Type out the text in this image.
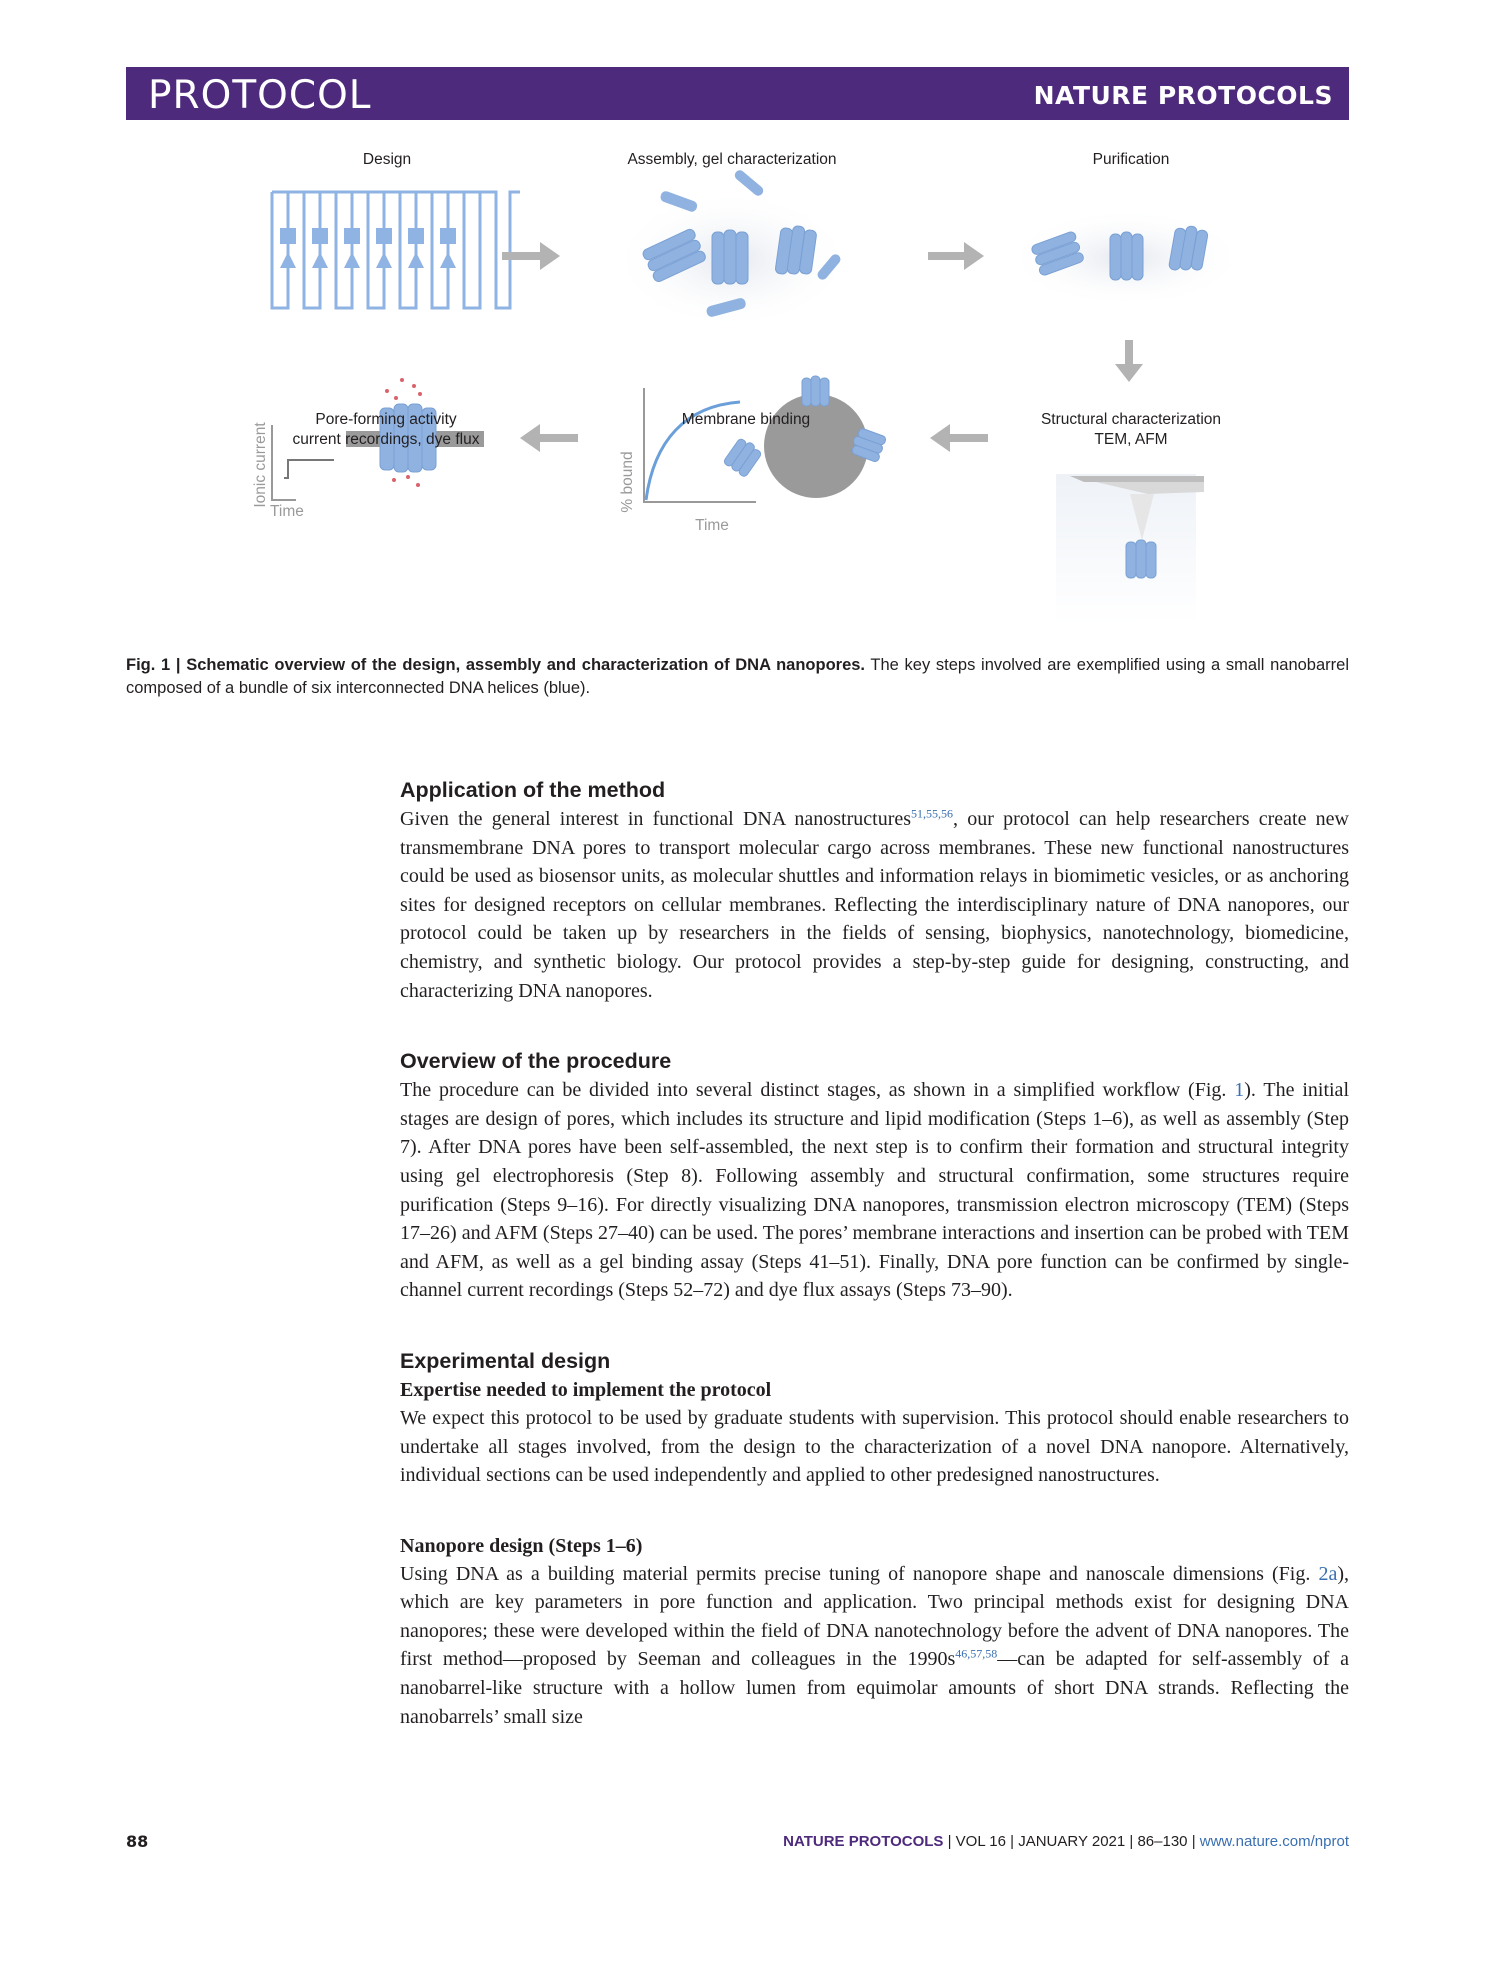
PROTOCOL	NATURE PROTOCOLS
Design	Assembly, gel characterization	Purification
Pore-forming activity
current recordings, dye flux
Membrane binding	Structural characterization
TEM, AFM
Ionic current
Time	% bound
Time
Fig. 1 | Schematic overview of the design, assembly and characterization of DNA nanopores. The key steps involved are exemplified using a small nanobarrel composed of a bundle of six interconnected DNA helices (blue).
Application of the method

Given the general interest in functional DNA nanostructures$^{51,55,56}$, our protocol can help researchers create new transmembrane DNA pores to transport molecular cargo across membranes. These new functional nanostructures could be used as biosensor units, as molecular shuttles and information relays in biomimetic vesicles, or as anchoring sites for designed receptors on cellular membranes. Reflecting the interdisciplinary nature of DNA nanopores, our protocol could be taken up by researchers in the fields of sensing, biophysics, nanotechnology, biomedicine, chemistry, and synthetic biology. Our protocol provides a step-by-step guide for designing, constructing, and characterizing DNA nanopores.

Overview of the procedure

The procedure can be divided into several distinct stages, as shown in a simplified workflow (Fig. 1). The initial stages are design of pores, which includes its structure and lipid modification (Steps 1–6), as well as assembly (Step 7). After DNA pores have been self-assembled, the next step is to confirm their formation and structural integrity using gel electrophoresis (Step 8). Following assembly and structural confirmation, some structures require purification (Steps 9–16). For directly visualizing DNA nanopores, transmission electron microscopy (TEM) (Steps 17–26) and AFM (Steps 27–40) can be used. The pores’ membrane interactions and insertion can be probed with TEM and AFM, as well as a gel binding assay (Steps 41–51). Finally, DNA pore function can be confirmed by single-channel current recordings (Steps 52–72) and dye flux assays (Steps 73–90).

Experimental design
Expertise needed to implement the protocol

We expect this protocol to be used by graduate students with supervision. This protocol should enable researchers to undertake all stages involved, from the design to the characterization of a novel DNA nanopore. Alternatively, individual sections can be used independently and applied to other predesigned nanostructures.

Nanopore design (Steps 1–6)

Using DNA as a building material permits precise tuning of nanopore shape and nanoscale dimensions (Fig. 2a), which are key parameters in pore function and application. Two principal methods exist for designing DNA nanopores; these were developed within the field of DNA nanotechnology before the advent of DNA nanopores. The first method—proposed by Seeman and colleagues in the $1990s^{46,57,58}—can$ be adapted for self-assembly of a nanobarrel-like structure with a hollow lumen from equimolar amounts of short DNA strands. Reflecting the nanobarrels’ small size

88	NATURE PROTOCOLS | VOL 16 | JANUARY 2021 | 86–130 | www.nature.com/nprot
